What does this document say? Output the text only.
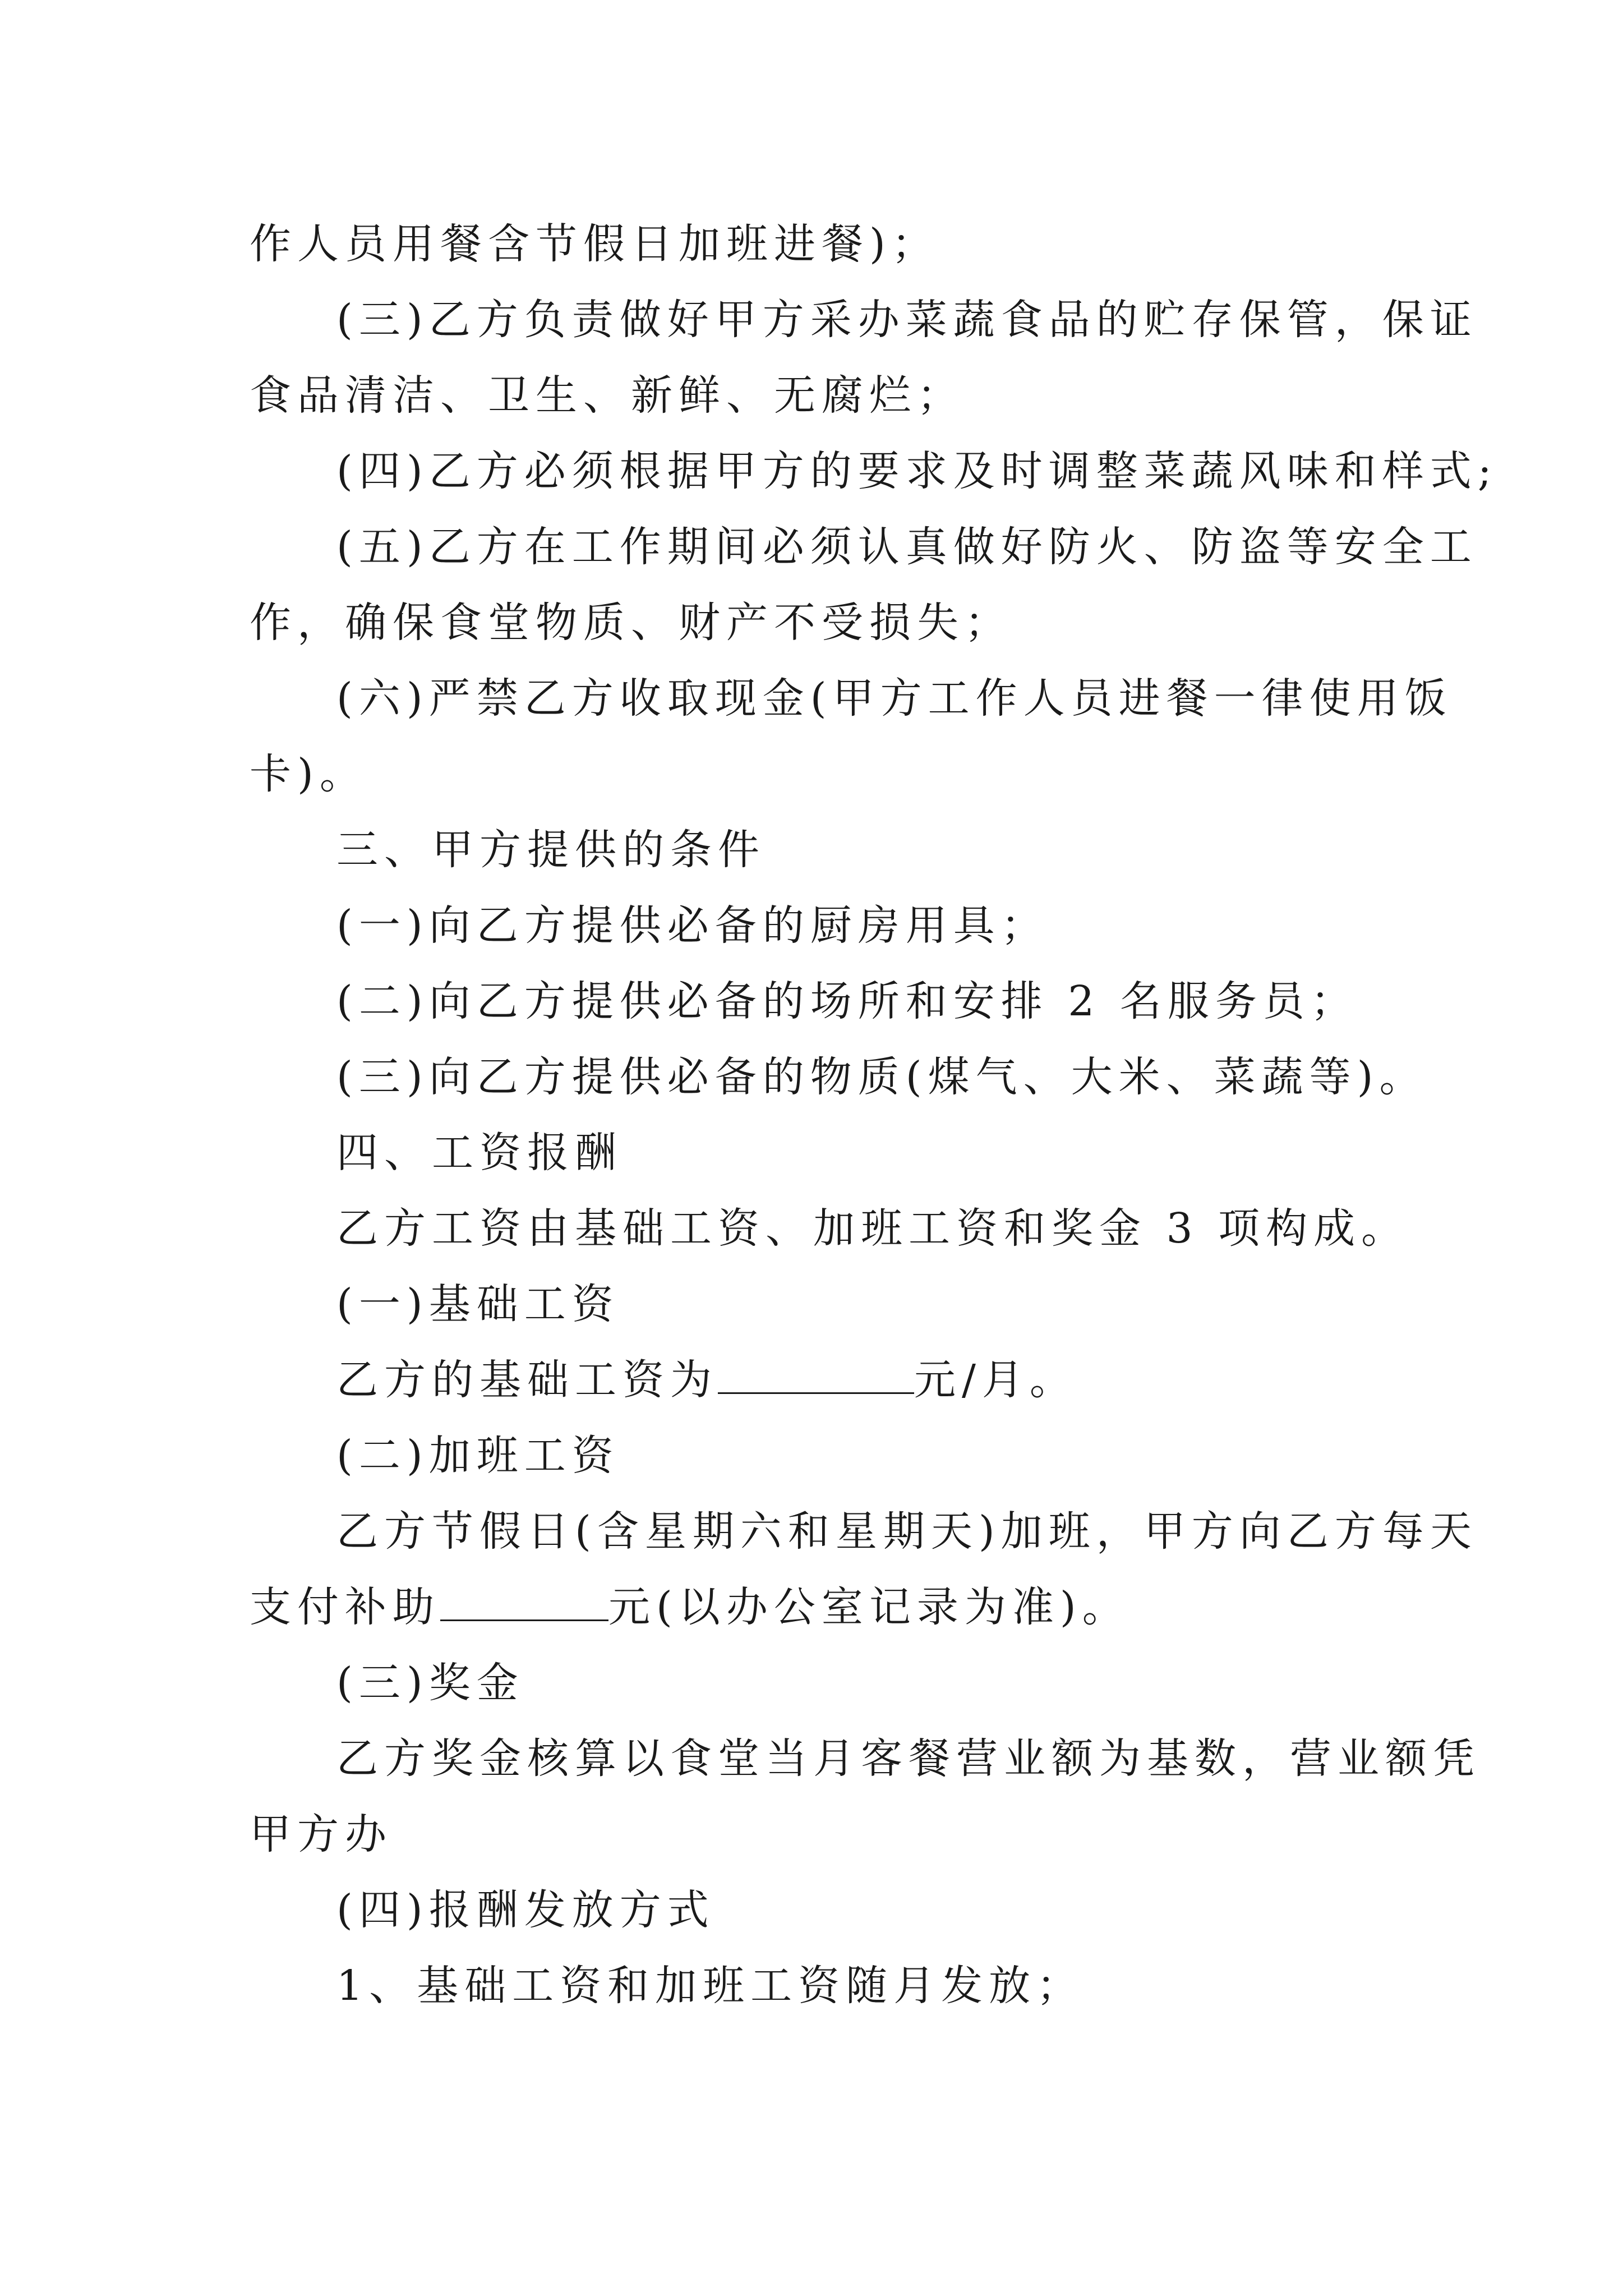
作人员用餐含节假日加班进餐)；
(三)乙方负责做好甲方采办菜蔬食品的贮存保管，保证
食品清洁、卫生、新鲜、无腐烂；
(四)乙方必须根据甲方的要求及时调整菜蔬风味和样式;
(五)乙方在工作期间必须认真做好防火、防盗等安全工
作，确保食堂物质、财产不受损失；
(六)严禁乙方收取现金(甲方工作人员进餐一律使用饭
卡)。
三、甲方提供的条件
(一)向乙方提供必备的厨房用具；
(二)向乙方提供必备的场所和安排 2 名服务员；
(三)向乙方提供必备的物质(煤气、大米、菜蔬等)。
四、工资报酬
乙方工资由基础工资、加班工资和奖金 3 项构成。
(一)基础工资
乙方的基础工资为	元/月。
(二)加班工资
乙方节假日(含星期六和星期天)加班，甲方向乙方每天
支付补助	元(以办公室记录为准)。
(三)奖金
乙方奖金核算以食堂当月客餐营业额为基数，营业额凭
甲方办
(四)报酬发放方式
1、基础工资和加班工资随月发放；
